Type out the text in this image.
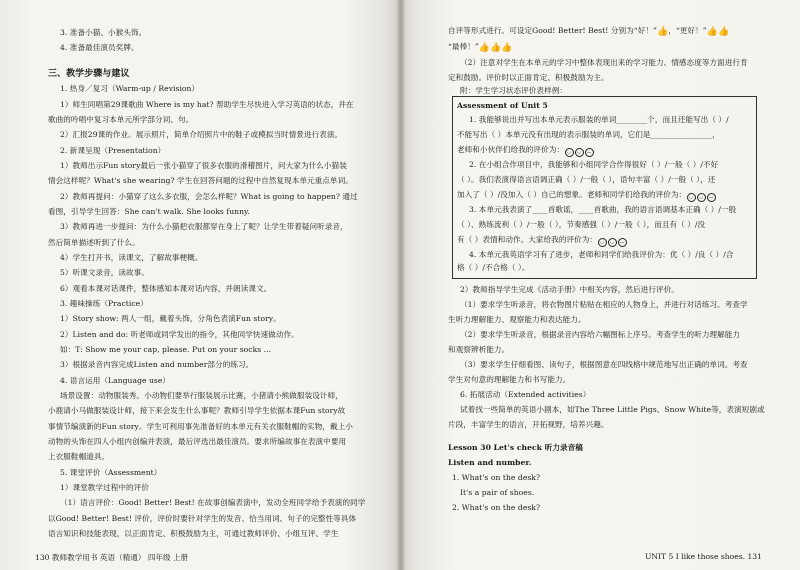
3. 准备小猫、小猴头饰。
4. 准备最佳演员奖牌。
三、教学步骤与建议
1. 热身／复习（Warm-up / Revision）
1）师生同唱第29课歌曲 Where is my hat? 帮助学生尽快进入学习英语的状态，并在
歌曲的吟唱中复习本单元所学部分词、句。
2）汇报29课的作业。展示照片，简单介绍照片中的鞋子或模拟当时情景进行表演。
2. 新课呈现（Presentation）
1）教师出示Fun story最后一张小猫穿了很多衣服的滑稽图片，问大家为什么小猫装
情会这样呢？What's she wearing? 学生在回答问题的过程中自然复现本单元重点单词。
2）教师再提问：小猫穿了这么多衣服，会怎么样呢？What is going to happen? 通过
看图，引导学生回答：She can't walk. She looks funny.
3）教师再进一步提问：为什么小猫把衣服都穿在身上了呢？让学生带着疑问听录音，
然后简单描述听到了什么。
4）学生打开书，读课文，了解故事梗概。
5）听课文录音，读故事。
6）观看本课对话课件，整体感知本课对话内容，并朗读课文。
3. 趣味操练（Practice）
1）Story show: 两人一组，戴着头饰，分角色表演Fun story。
2）Listen and do: 听老师或同学发出的指令，其他同学快速做动作。
如：T: Show me your cap, please. Put on your socks ...
3）根据录音内容完成Listen and number部分的练习。
4. 语言运用（Language use）
场景设置：动物服装秀。小动物们要举行服装展示比赛，小猪请小熊做服装设计师，
小鹿请小马做服装设计师，接下来会发生什么事呢？教师引导学生依据本课Fun story故
事情节编演新的Fun story。学生可利用事先准备好的本单元有关衣服鞋帽的实物，戴上小
动物的头饰在四人小组内创编并表演，最后评选出最佳演员。要求所编故事在表演中要用
上衣服鞋帽道具。
5. 课堂评价（Assessment）
1）课堂教学过程中的评价
（1）语言评价：Good! Better! Best! 在故事创编表演中，发动全班同学给予表演的同学
以Good! Better! Best! 评价，评价时要针对学生的发音、恰当用词、句子的完整性等具体
语言知识和技能表现，以正面肯定、积极鼓励为主，可通过教师评价、小组互评、学生
130 教师教学用书 英语（精通） 四年级 上册
自评等形式进行。可设定Good! Better! Best! 分别为“好！”👍，“更好！”👍👍
“最棒！”👍👍👍
（2）注意对学生在本单元的学习中整体表现出来的学习能力、情感态度等方面进行肯
定和鼓励。评价时以正面肯定、积极鼓励为主。
附：学生学习状态评价表样例：
Assessment of Unit 5
1. 我能够说出并写出本单元表示服装的单词________个，而且还能写出（ ）/
不能写出（ ）本单元没有出现的表示服装的单词，它们是________________，
老师和小伙伴们给我的评价为： ◡ ◡ ︵
2. 在小组合作项目中，我能够和小组同学合作得很好（ ）/一般（ ）/不好
（ ）。我们表演得语言语调正确（ ）/一般（ ），语句丰富（ ）/一般（ ），还
加入了（ ）/没加入（ ）自己的想象。老师和同学们给我的评价为： ◡ ◡ ︵
3. 本单元我表演了____首歌谣，____首歌曲，我的语言语调基本正确（ ）/一般
（ ）、熟练流利（ ）/一般（ ），节奏感强（ ）/一般（ ），而且有（ ）/没
有（ ）表情和动作。大家给我的评价为： ◡ ◡ ︵
4. 本单元我英语学习有了进步，老师和同学们给我评价为：优（ ）/良（ ）/合
格（ ）/不合格（ ）。
2）教师指导学生完成《活动手册》中相关内容，然后进行评价。
（1）要求学生听录音，将衣物图片粘贴在相应的人物身上，并进行对话练习。考查学
生听力理解能力、观察能力和表达能力。
（2）要求学生听录音，根据录音内容给六幅图标上序号。考查学生的听力理解能力
和观察辨析能力。
（3）要求学生仔细看图、读句子，根据图意在四线格中规范地写出正确的单词。考查
学生对句意的理解能力和书写能力。
6. 拓展活动（Extended activities）
试着找一些简单的英语小剧本，如The Three Little Pigs、Snow White等，表演短剧或
片段，丰富学生的语言，开拓视野，培养兴趣。
Lesson 30 Let's check 听力录音稿
Listen and number.
1. What's on the desk?
It's a pair of shoes.
2. What's on the desk?
UNIT 5 I like those shoes. 131
